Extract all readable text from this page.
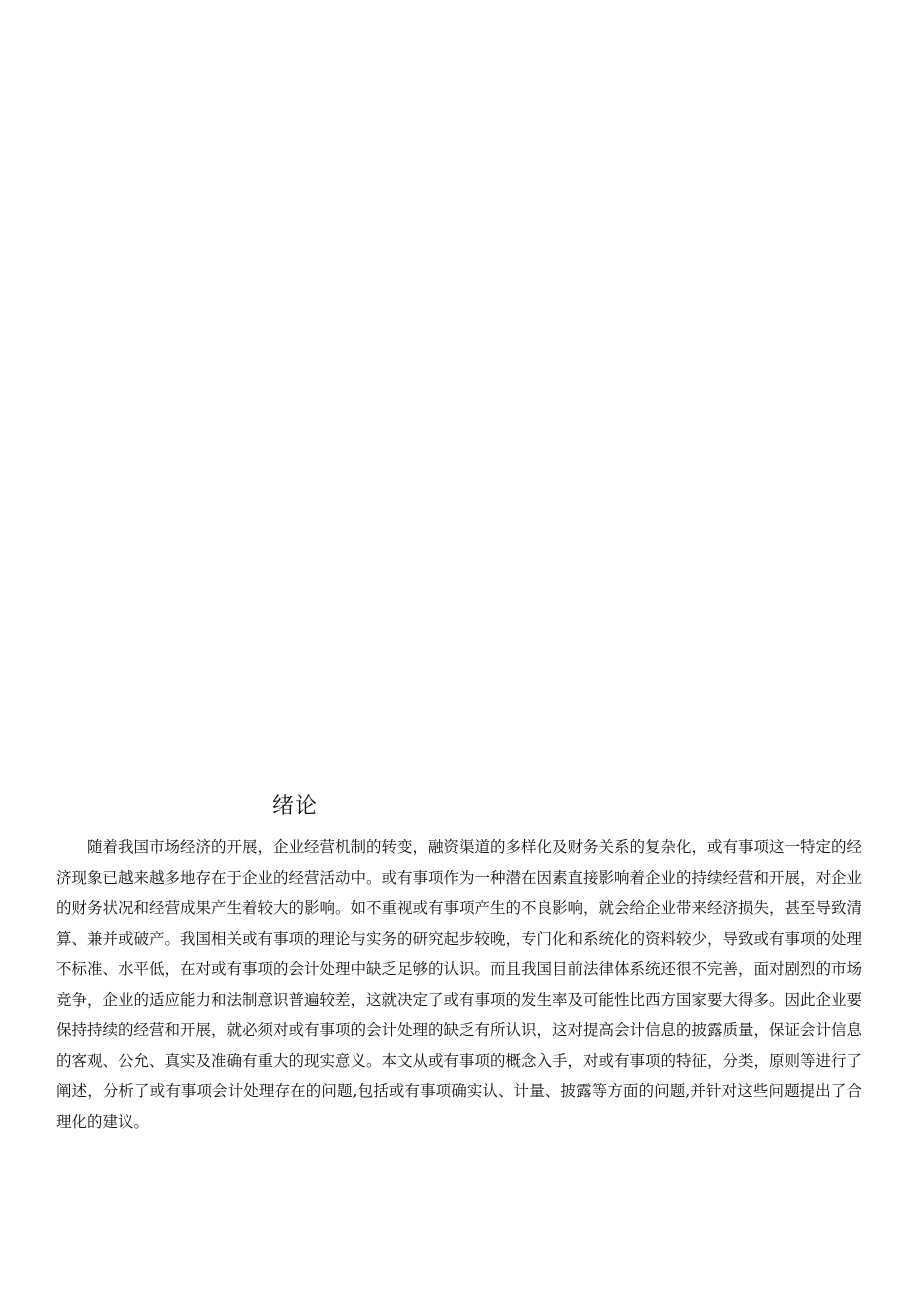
绪论

随着我国市场经济的开展，企业经营机制的转变，融资渠道的多样化及财务关系的复杂化，或有事项这一特定的经济现象已越来越多地存在于企业的经营活动中。或有事项作为一种潜在因素直接影响着企业的持续经营和开展，对企业的财务状况和经营成果产生着较大的影响。如不重视或有事项产生的不良影响，就会给企业带来经济损失，甚至导致清算、兼并或破产。我国相关或有事项的理论与实务的研究起步较晚，专门化和系统化的资料较少，导致或有事项的处理不标准、水平低，在对或有事项的会计处理中缺乏足够的认识。而且我国目前法律体系统还很不完善，面对剧烈的市场竞争，企业的适应能力和法制意识普遍较差，这就决定了或有事项的发生率及可能性比西方国家要大得多。因此企业要保持持续的经营和开展，就必须对或有事项的会计处理的缺乏有所认识，这对提高会计信息的披露质量，保证会计信息的客观、公允、真实及准确有重大的现实意义。本文从或有事项的概念入手，对或有事项的特征，分类，原则等进行了阐述，分析了或有事项会计处理存在的问题,包括或有事项确实认、计量、披露等方面的问题,并针对这些问题提出了合理化的建议。
